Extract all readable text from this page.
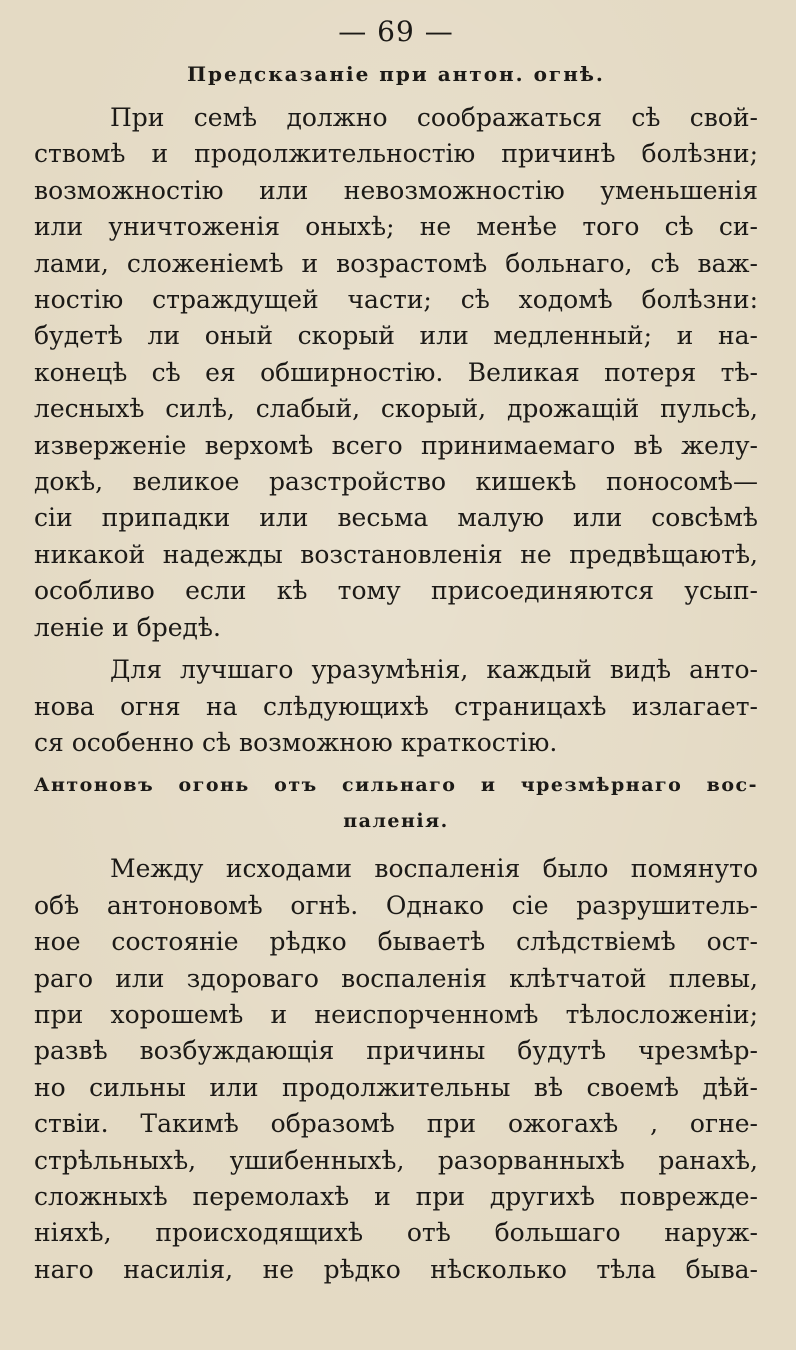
— 69 —
Предсказанiе при антон. огнѣ.
При семѣ должно соображаться сѣ свой-
ствомѣ и продолжительностiю причинѣ болѣзни;
возможностiю или невозможностiю уменьшенiя
или уничтоженiя оныхѣ; не менѣе того сѣ си-
лами, сложенiемѣ и возрастомѣ больнаго, сѣ важ-
ностiю страждущей части; сѣ ходомѣ болѣзни:
будетѣ ли оный скорый или медленный; и на-
конецѣ сѣ ея обширностiю. Великая потеря тѣ-
лесныхѣ силѣ, слабый, скорый, дрожащiй пульсѣ,
изверженiе верхомѣ всего принимаемаго вѣ желу-
докѣ, великое разстройство кишекѣ поносомѣ—
сiи припадки или весьма малую или совсѣмѣ
никакой надежды возстановленiя не предвѣщаютѣ,
особливо если кѣ тому присоединяются усып-
ленiе и бредѣ.
Для лучшаго уразумѣнiя, каждый видѣ анто-
нова огня на слѣдующихѣ страницахѣ излагает-
ся особенно сѣ возможною краткостiю.
Антоновъ огонь отъ сильнаго и чрезмѣрнаго вос-
паленiя.
Между исходами воспаленiя было помянуто
обѣ антоновомѣ огнѣ. Однако сiе разрушитель-
ное состоянiе рѣдко бываетѣ слѣдствiемѣ ост-
раго или здороваго воспаленiя клѣтчатой плевы,
при хорошемѣ и неиспорченномѣ тѣлосложенiи;
развѣ возбуждающiя причины будутѣ чрезмѣр-
но сильны или продолжительны вѣ своемѣ дѣй-
ствiи. Такимѣ образомѣ при ожогахѣ , огне-
стрѣльныхѣ, ушибенныхѣ, разорванныхѣ ранахѣ,
сложныхѣ перемолахѣ и при другихѣ поврежде-
нiяхѣ, происходящихѣ отѣ большаго наруж-
наго насилiя, не рѣдко нѣсколько тѣла быва-
